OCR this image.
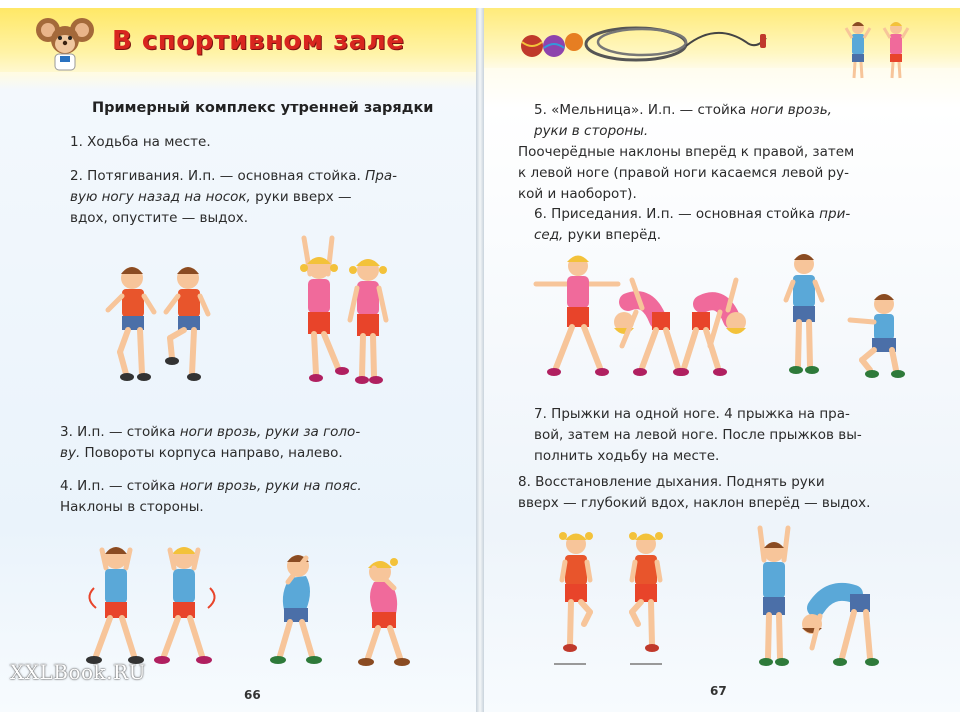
В спортивном зале
Примерный комплекс утренней зарядки

1. Ходьба на месте.

2. Потягивания. И.п. — основная стойка. Пра-
вую ногу назад на носок, руки вверх —
вдох, опустите — выдох.
3. И.п. — стойка ноги врозь, руки за голо-
ву. Повороты корпуса направо, налево.
4. И.п. — стойка ноги врозь, руки на пояс.
Наклоны в стороны.
66
XXLBook.RU
5. «Мельница». И.п. — стойка ноги врозь,
руки в стороны.
Поочерёдные наклоны вперёд к правой, затем
к левой ноге (правой ноги касаемся левой ру-
кой и наоборот).
6. Приседания. И.п. — основная стойка при-
сед, руки вперёд.
7. Прыжки на одной ноге. 4 прыжка на пра-
вой, затем на левой ноге. После прыжков вы-
полнить ходьбу на месте.
8. Восстановление дыхания. Поднять руки
вверх — глубокий вдох, наклон вперёд — выдох.
67
